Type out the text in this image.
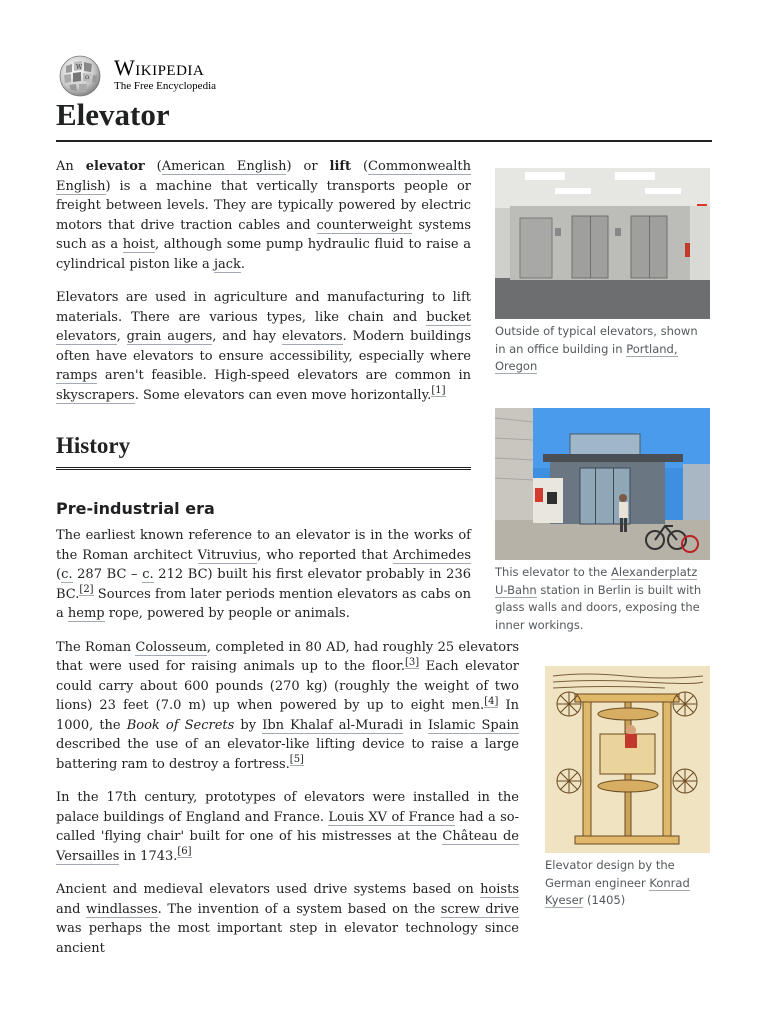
W
Ω Wikipedia
The Free Encyclopedia
Elevator

An elevator (American English) or lift (Commonwealth English) is a machine that vertically transports people or freight between levels. They are typically powered by electric motors that drive traction cables and counterweight systems such as a hoist, although some pump hydraulic fluid to raise a cylindrical piston like a jack.

Elevators are used in agriculture and manufacturing to lift materials. There are various types, like chain and bucket elevators, grain augers, and hay elevators. Modern buildings often have elevators to ensure accessibility, especially where ramps aren't feasible. High-speed elevators are common in skyscrapers. Some elevators can even move horizontally.[1]

History
Pre-industrial era

The earliest known reference to an elevator is in the works of the Roman architect Vitruvius, who reported that Archimedes (c. 287 BC – c. 212 BC) built his first elevator probably in 236 BC.[2] Sources from later periods mention elevators as cabs on a hemp rope, powered by people or animals.

The Roman Colosseum, completed in 80 AD, had roughly 25 elevators that were used for raising animals up to the floor.[3] Each elevator could carry about 600 pounds (270 kg) (roughly the weight of two lions) 23 feet (7.0 m) up when powered by up to eight men.[4] In 1000, the Book of Secrets by Ibn Khalaf al-Muradi in Islamic Spain described the use of an elevator-like lifting device to raise a large battering ram to destroy a fortress.[5]

In the 17th century, prototypes of elevators were installed in the palace buildings of England and France. Louis XV of France had a so-called 'flying chair' built for one of his mistresses at the Château de Versailles in 1743.[6]

Ancient and medieval elevators used drive systems based on hoists and windlasses. The invention of a system based on the screw drive was perhaps the most important step in elevator technology since ancient

Outside of typical elevators, shown in an office building in Portland, Oregon
This elevator to the Alexanderplatz U-Bahn station in Berlin is built with glass walls and doors, exposing the inner workings.
Elevator design by the German engineer Konrad Kyeser (1405)
